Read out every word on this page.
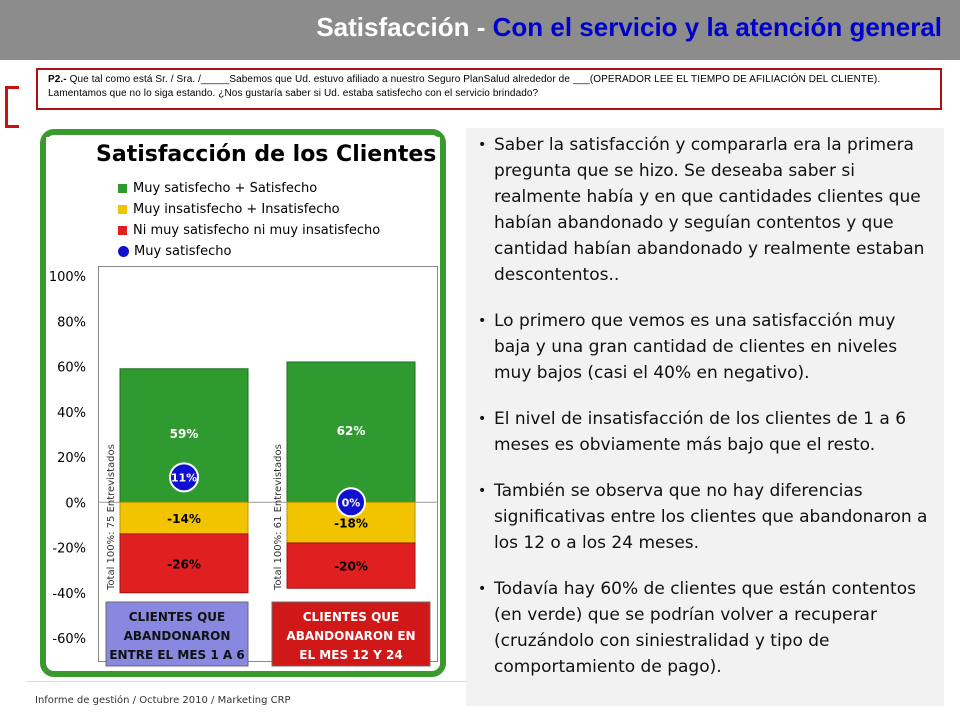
Satisfacción - Con el servicio y la atención general
P2.- Que tal como está Sr. / Sra. /_____Sabemos que Ud. estuvo afiliado a nuestro Seguro PlanSalud alrededor de ___(OPERADOR LEE EL TIEMPO DE AFILIACIÓN DEL CLIENTE). Lamentamos que no lo siga estando. ¿Nos gustaría saber si Ud. estaba satisfecho con el servicio brindado?
Satisfacción de los Clientes
Muy satisfecho + Satisfecho
Muy insatisfecho + Insatisfecho
Ni muy satisfecho ni muy insatisfecho
Muy satisfecho
100%
80%
60%
40%
20%
0%
-20%
-40%
-60%
59%
-14%
-26%
11%
Total 100%: 75 Entrevistados
CLIENTES QUE
ABANDONARON
ENTRE EL MES 1 A 6
62%
-18%
-20%
0%
Total 100%: 61 Entrevistados
CLIENTES QUE
ABANDONARON EN
EL MES 12 Y 24
• Saber la satisfacción y compararla era la primera pregunta que se hizo. Se deseaba saber si realmente había y en que cantidades clientes que habían abandonado y seguían contentos y que cantidad habían abandonado y realmente estaban descontentos..
• Lo primero que vemos es una satisfacción muy baja y una gran cantidad de clientes en niveles muy bajos (casi el 40% en negativo).
• El nivel de insatisfacción de los clientes de 1 a 6 meses es obviamente más bajo que el resto.
• También se observa que no hay diferencias significativas entre los clientes que abandonaron a los 12 o a los 24 meses.
• Todavía hay 60% de clientes que están contentos (en verde) que se podrían volver a recuperar (cruzándolo con siniestralidad y tipo de comportamiento de pago).
Informe de gestión / Octubre 2010 / Marketing CRP
